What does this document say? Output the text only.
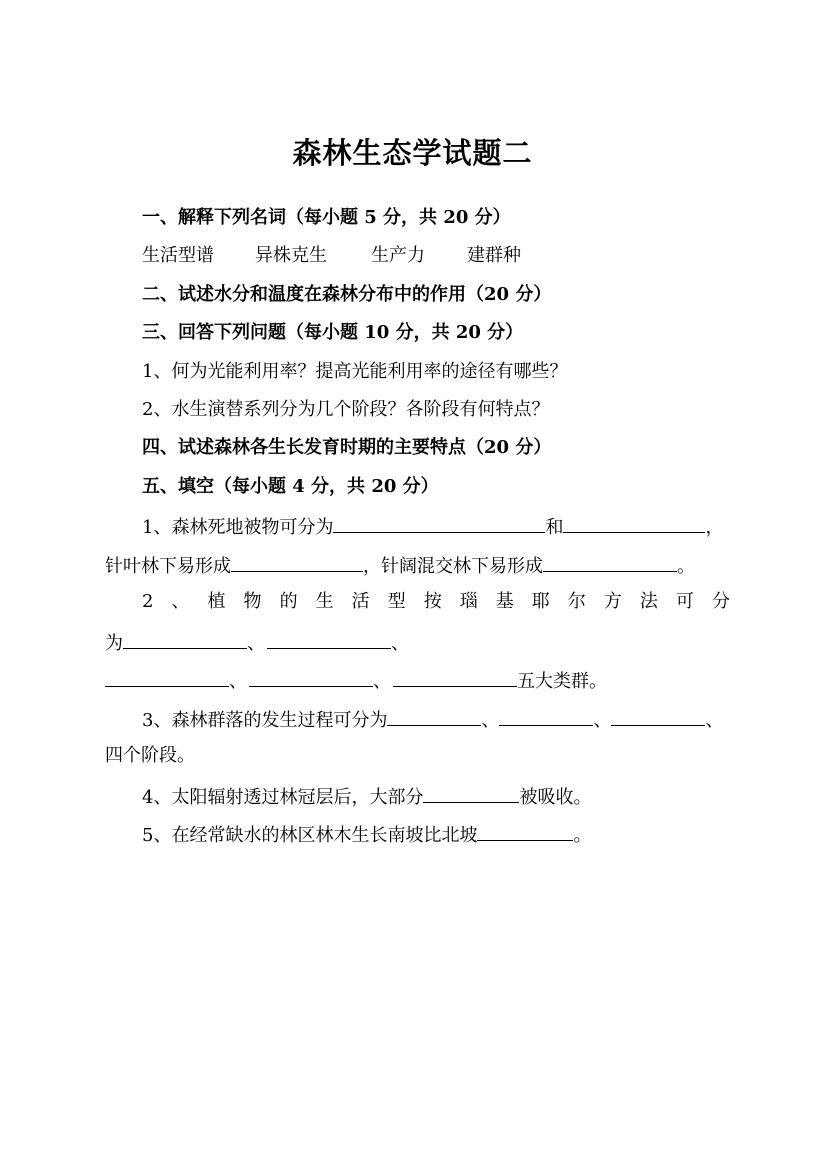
森林生态学试题二
一、解释下列名词（每小题 5 分，共 20 分）
生活型谱 异株克生 生产力 建群种
二、试述水分和温度在森林分布中的作用（20 分）
三、回答下列问题（每小题 10 分，共 20 分）
1、何为光能利用率？提高光能利用率的途径有哪些？
2、水生演替系列分为几个阶段？各阶段有何特点？
四、试述森林各生长发育时期的主要特点（20 分）
五、填空（每小题 4 分，共 20 分）
1、森林死地被物可分为	和	，
针叶林下易形成	，针阔混交林下易形成	。
2 、 植 物 的 生 活 型 按 瑙 基 耶 尔 方 法 可 分
为	、	、
、	、	五大类群。
3、森林群落的发生过程可分为	、	、	、
四个阶段。
4、太阳辐射透过林冠层后，大部分	被吸收。
5、在经常缺水的林区林木生长南坡比北坡	。
